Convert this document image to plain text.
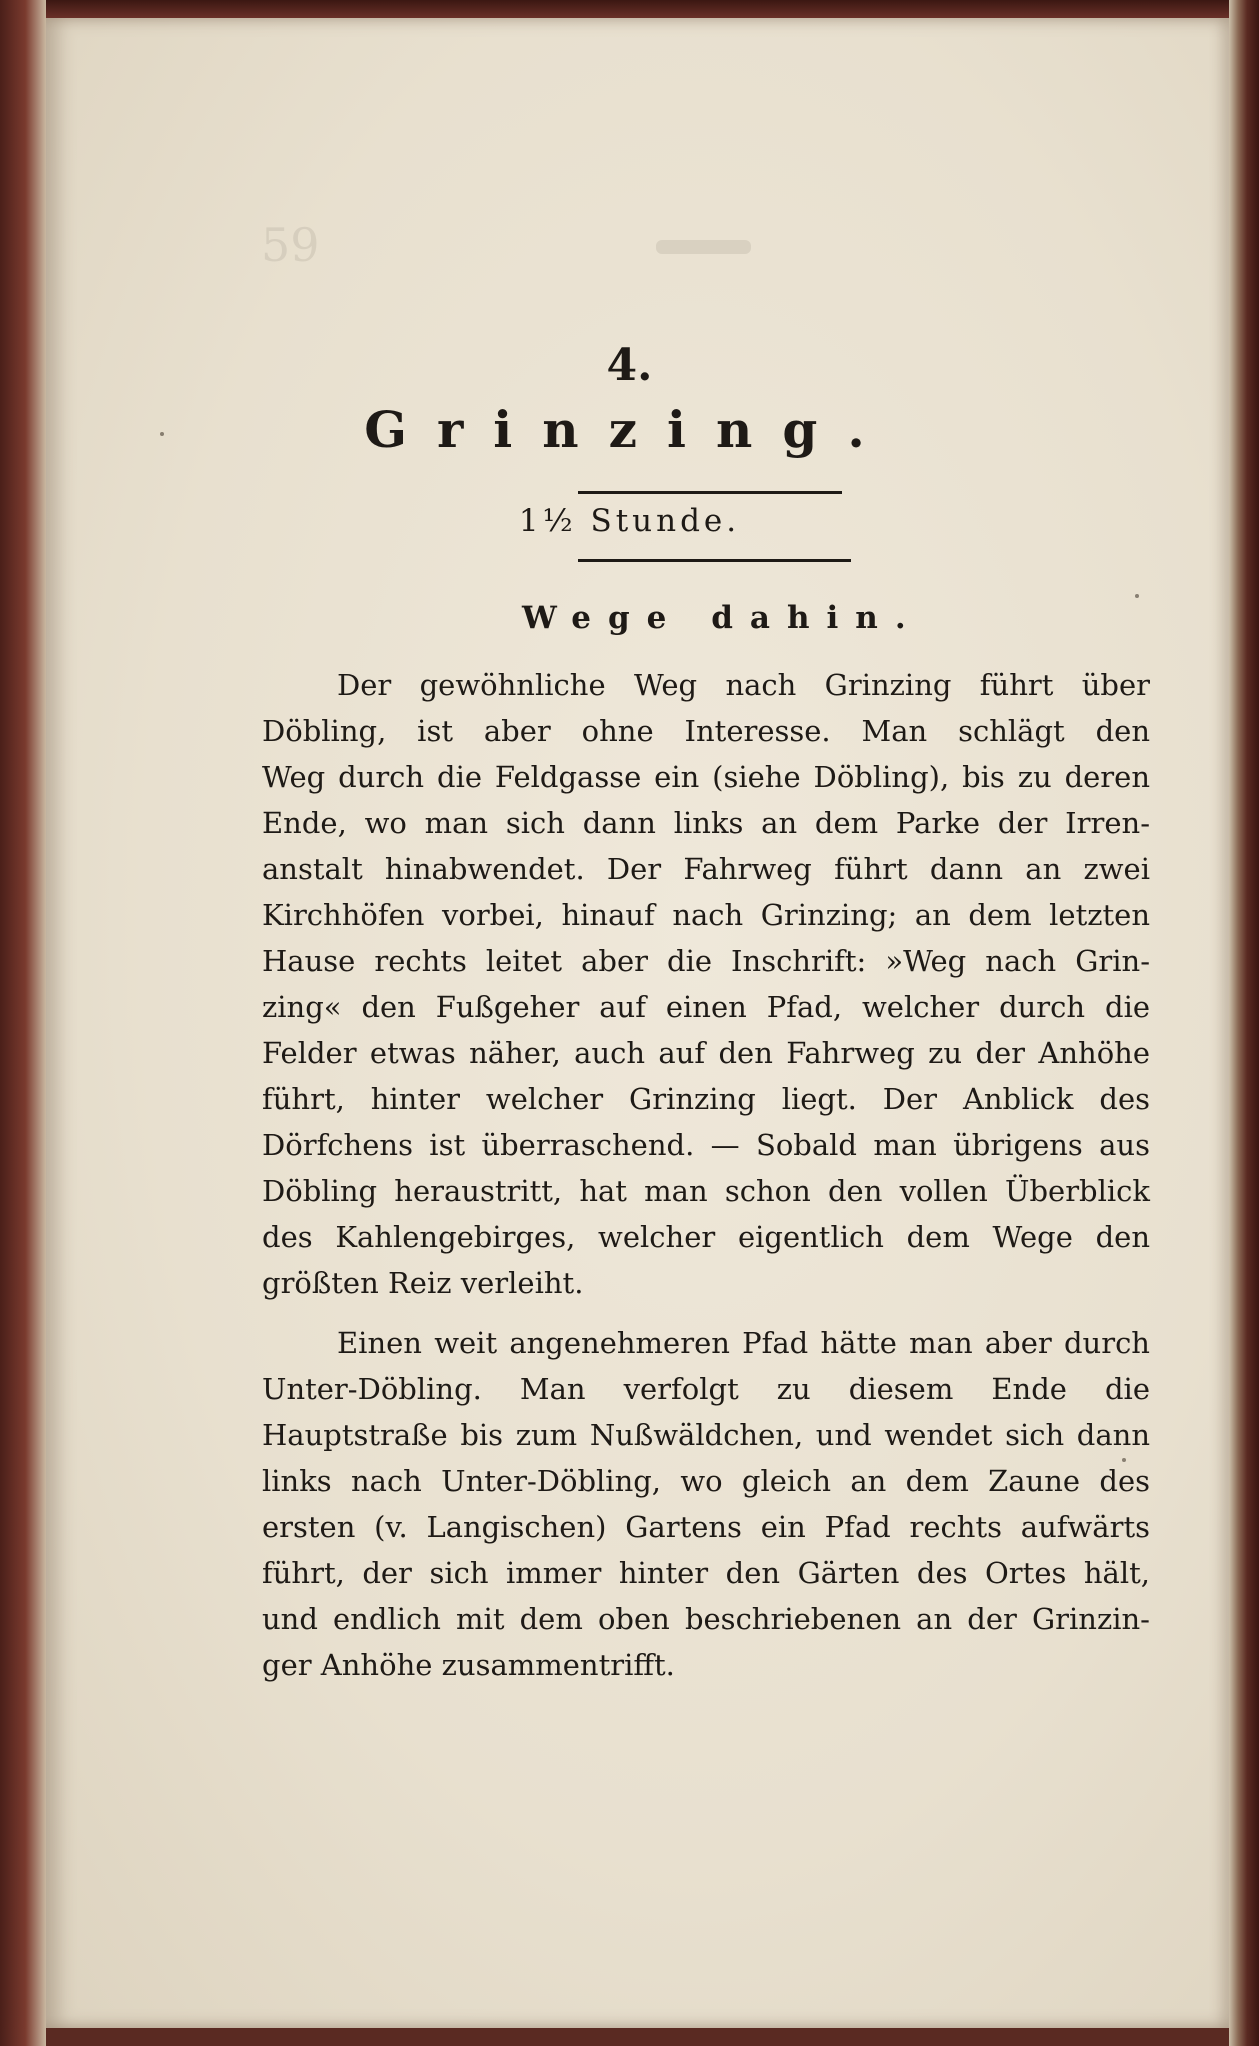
59
4.
Grinzing.
1½ Stunde.
Wege dahin.
Der gewöhnliche Weg nach Grinzing führt über
Döbling, ist aber ohne Interesse. Man schlägt den
Weg durch die Feldgasse ein (siehe Döbling), bis zu deren
Ende, wo man sich dann links an dem Parke der Irren-
anstalt hinabwendet. Der Fahrweg führt dann an zwei
Kirchhöfen vorbei, hinauf nach Grinzing; an dem letzten
Hause rechts leitet aber die Inschrift: »Weg nach Grin-
zing« den Fußgeher auf einen Pfad, welcher durch die
Felder etwas näher, auch auf den Fahrweg zu der Anhöhe
führt, hinter welcher Grinzing liegt. Der Anblick des
Dörfchens ist überraschend. — Sobald man übrigens aus
Döbling heraustritt, hat man schon den vollen Überblick
des Kahlengebirges, welcher eigentlich dem Wege den
größten Reiz verleiht.
Einen weit angenehmeren Pfad hätte man aber durch
Unter-Döbling. Man verfolgt zu diesem Ende die
Hauptstraße bis zum Nußwäldchen, und wendet sich dann
links nach Unter-Döbling, wo gleich an dem Zaune des
ersten (v. Langischen) Gartens ein Pfad rechts aufwärts
führt, der sich immer hinter den Gärten des Ortes hält,
und endlich mit dem oben beschriebenen an der Grinzin-
ger Anhöhe zusammentrifft.
